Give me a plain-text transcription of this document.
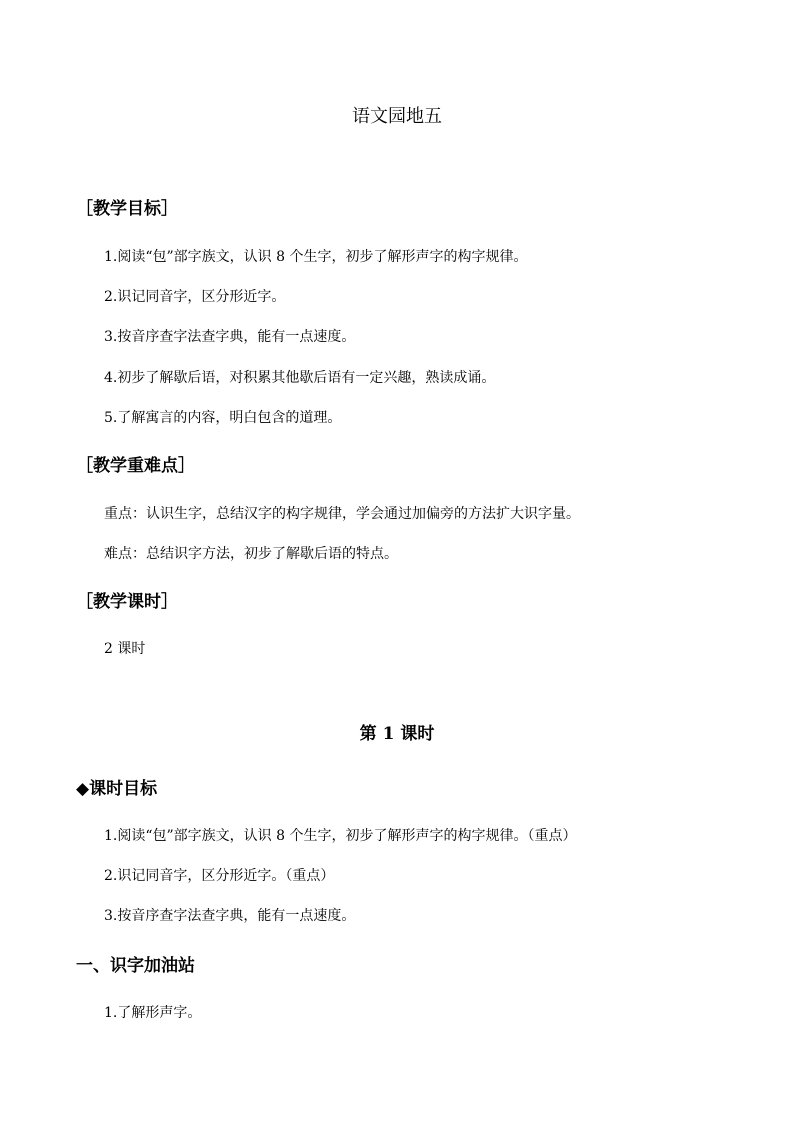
语文园地五
［教学目标］
1.阅读“包”部字族文，认识 8 个生字，初步了解形声字的构字规律。
2.识记同音字，区分形近字。
3.按音序查字法查字典，能有一点速度。
4.初步了解歇后语，对积累其他歇后语有一定兴趣，熟读成诵。
5.了解寓言的内容，明白包含的道理。
［教学重难点］
重点：认识生字，总结汉字的构字规律，学会通过加偏旁的方法扩大识字量。
难点：总结识字方法，初步了解歇后语的特点。
［教学课时］
2 课时
第 1 课时
◆课时目标
1.阅读“包”部字族文，认识 8 个生字，初步了解形声字的构字规律。（重点）
2.识记同音字，区分形近字。（重点）
3.按音序查字法查字典，能有一点速度。
一、识字加油站
1.了解形声字。
